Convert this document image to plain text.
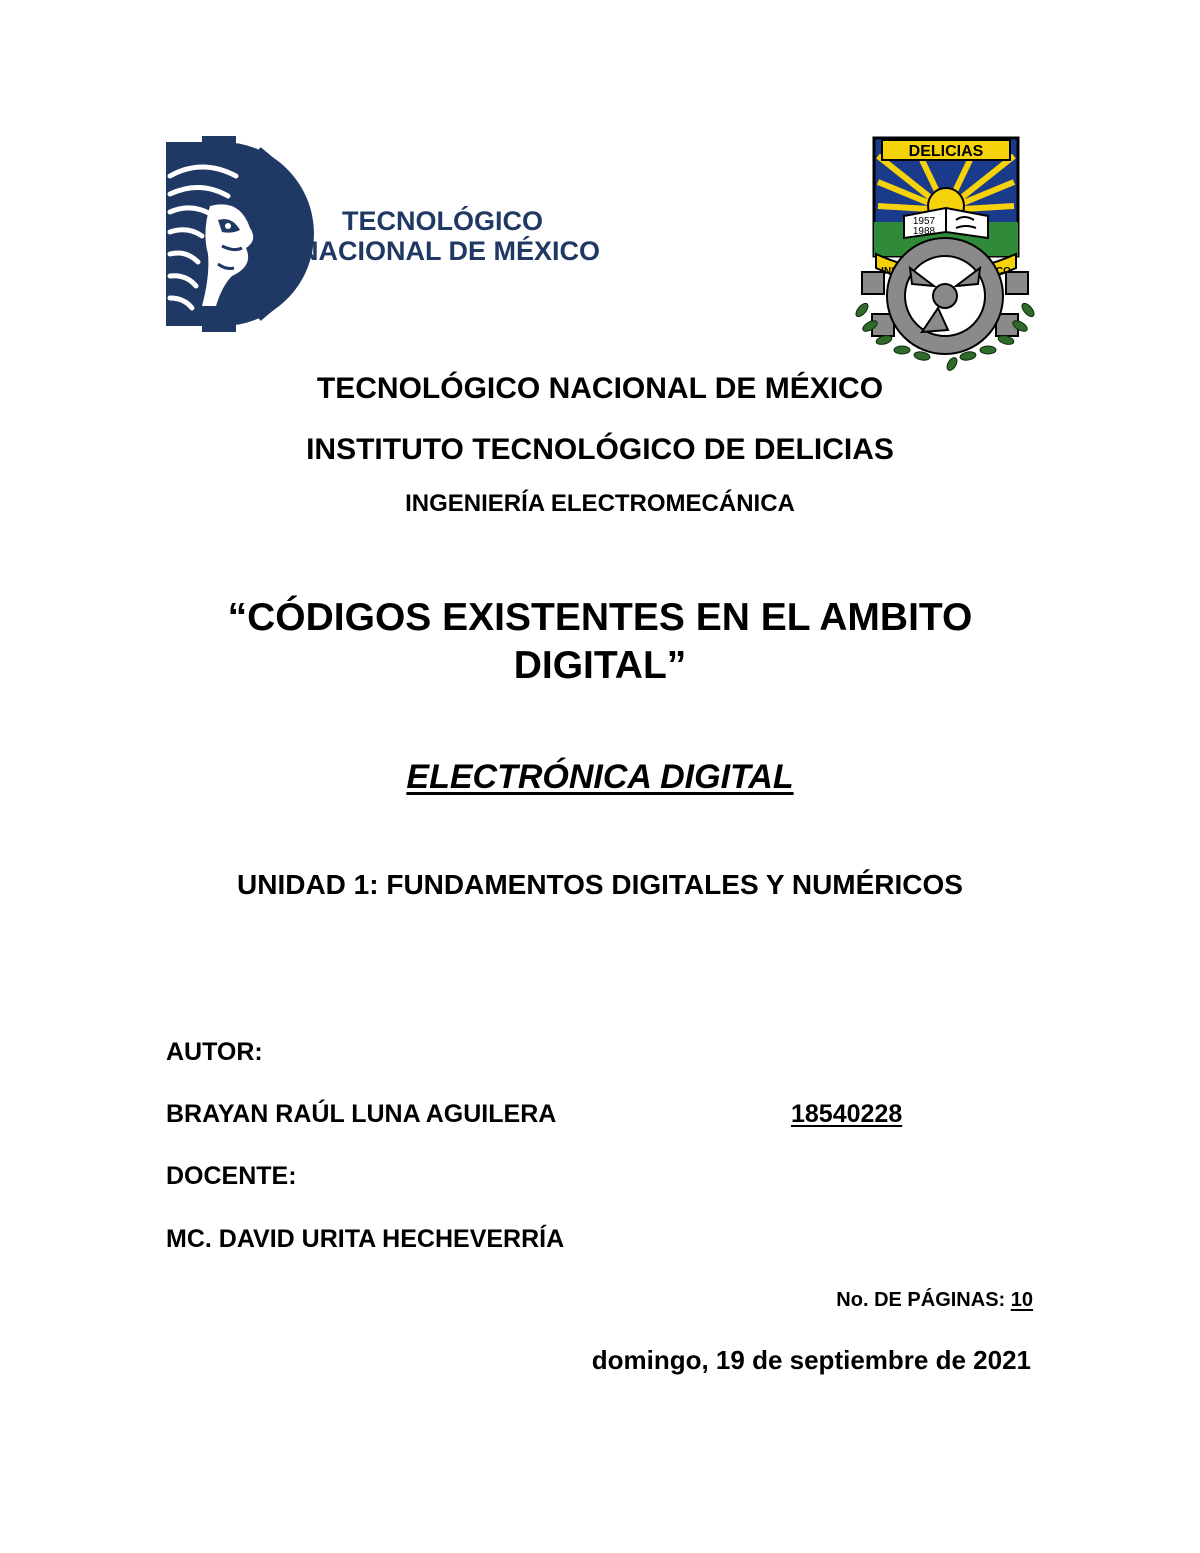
TECNOLÓGICO
NACIONAL DE MÉXICO
DELICIAS
1957
1988
TECNOLÓGICO NACIONAL DE MÉXICO
INSTITUTO TECNOLÓGICO DE DELICIAS
INGENIERÍA ELECTROMECÁNICA
“CÓDIGOS EXISTENTES EN EL AMBITO
DIGITAL”
ELECTRÓNICA DIGITAL
UNIDAD 1: FUNDAMENTOS DIGITALES Y NUMÉRICOS
AUTOR:
BRAYAN RAÚL LUNA AGUILERA	18540228
DOCENTE:
MC. DAVID URITA HECHEVERRÍA
No. DE PÁGINAS: 10
domingo, 19 de septiembre de 2021
